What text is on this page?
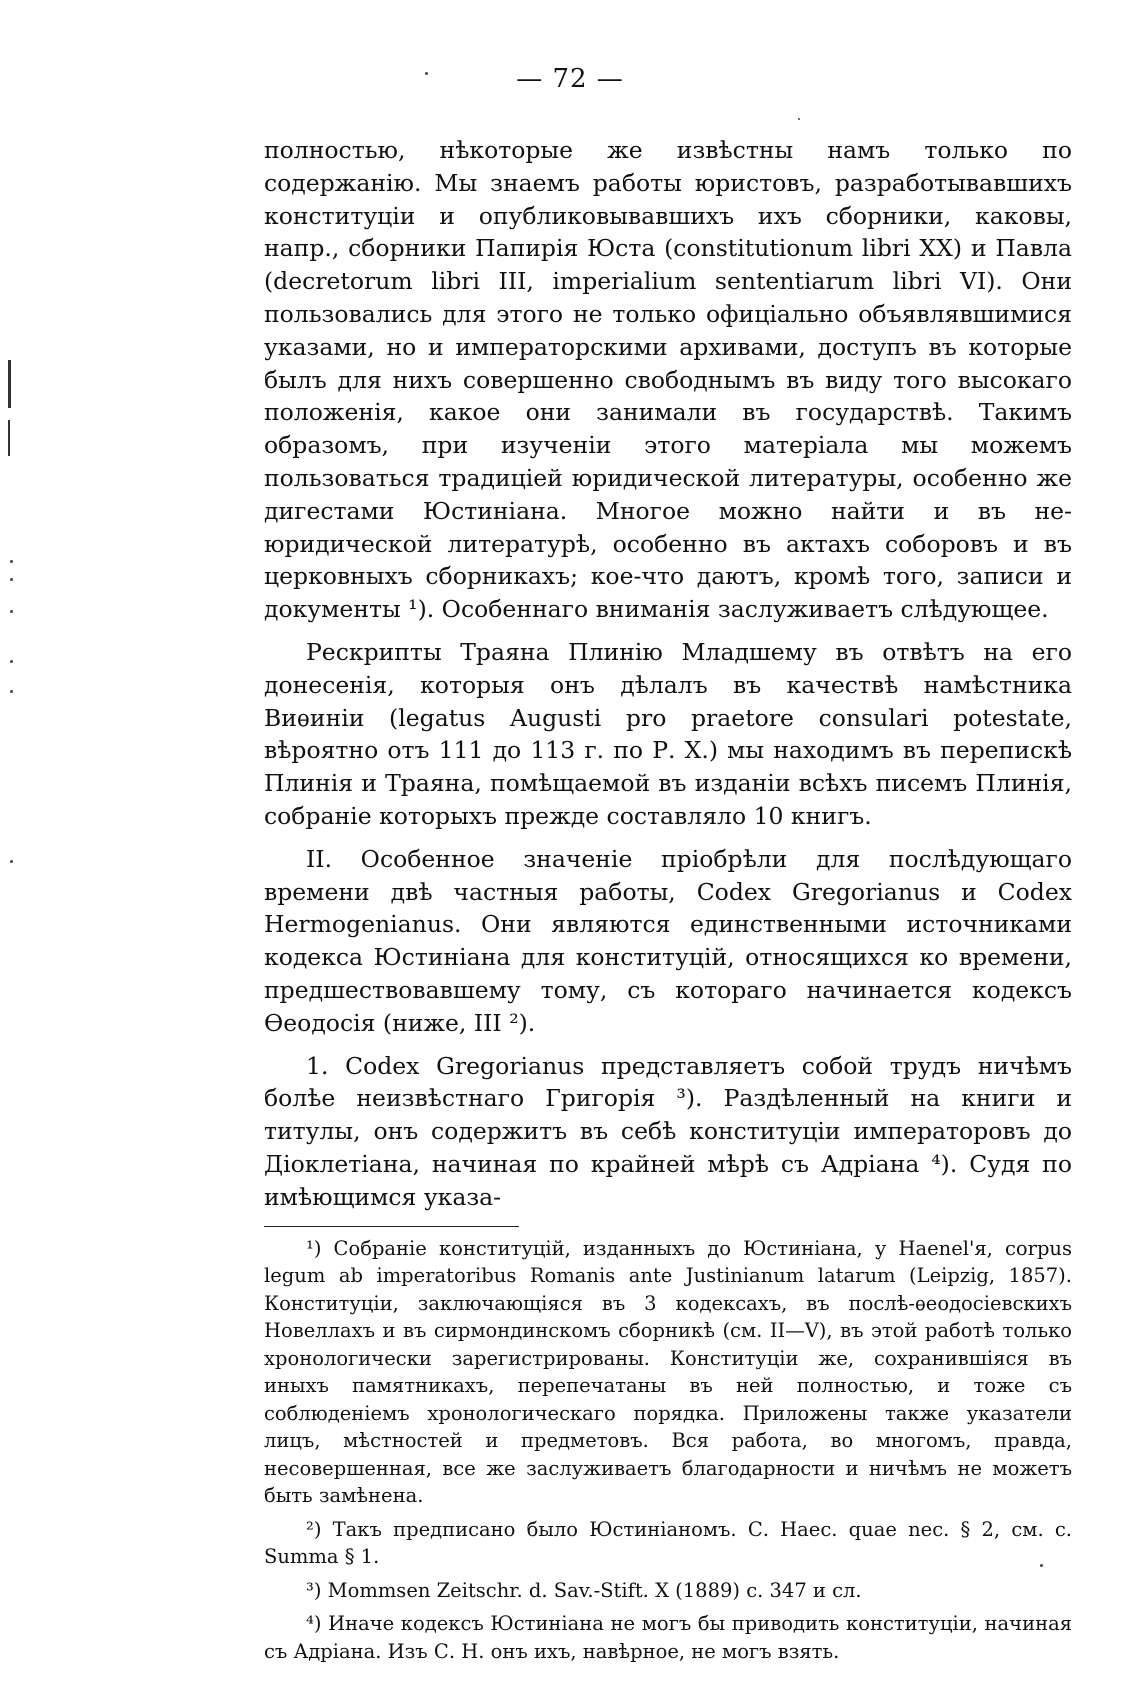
— 72 —

полностью, нѣкоторые же извѣстны намъ только по содержанію. Мы знаемъ работы юристовъ, разработывавшихъ конституціи и опубликовывавшихъ ихъ сборники, каковы, напр., сборники Папирія Юста (constitutionum libri XX) и Павла (decretorum libri III, imperialium sententiarum libri VI). Они пользовались для этого не только офиціально объявлявшимися указами, но и императорскими архивами, доступъ въ которые былъ для нихъ совершенно свободнымъ въ виду того высокаго положенія, какое они занимали въ государствѣ. Такимъ образомъ, при изученіи этого матеріала мы можемъ пользоваться традиціей юридической литературы, особенно же дигестами Юстиніана. Многое можно найти и въ не-юридической литературѣ, особенно въ актахъ соборовъ и въ церковныхъ сборникахъ; кое-что даютъ, кромѣ того, записи и документы ¹). Особеннаго вниманія заслуживаетъ слѣдующее.

Рескрипты Траяна Плинію Младшему въ отвѣтъ на его донесенія, которыя онъ дѣлалъ въ качествѣ намѣстника Виѳиніи (legatus Augusti pro praetore consulari potestate, вѣроятно отъ 111 до 113 г. по Р. Х.) мы находимъ въ перепискѣ Плинія и Траяна, помѣщаемой въ изданіи всѣхъ писемъ Плинія, собраніе которыхъ прежде составляло 10 книгъ.

II. Особенное значеніе пріобрѣли для послѣдующаго времени двѣ частныя работы, Codex Gregorianus и Codex Hermogenianus. Они являются единственными источниками кодекса Юстиніана для конституцій, относящихся ко времени, предшествовавшему тому, съ котораго начинается кодексъ Ѳеодосія (ниже, III ²).

1. Codex Gregorianus представляетъ собой трудъ ничѣмъ болѣе неизвѣстнаго Григорія ³). Раздѣленный на книги и титулы, онъ содержитъ въ себѣ конституціи императоровъ до Діоклетіана, начиная по крайней мѣрѣ съ Адріана ⁴). Судя по имѣющимся указа-

¹) Собраніе конституцій, изданныхъ до Юстиніана, у Haenel'я, corpus legum ab imperatoribus Romanis ante Justinianum latarum (Leipzig, 1857). Конституціи, заключающіяся въ 3 кодексахъ, въ послѣ-ѳеодосіевскихъ Новеллахъ и въ сирмондинскомъ сборникѣ (см. II—V), въ этой работѣ только хронологически зарегистрированы. Конституціи же, сохранившіяся въ иныхъ памятникахъ, перепечатаны въ ней полностью, и тоже съ соблюденіемъ хронологическаго порядка. Приложены также указатели лицъ, мѣстностей и предметовъ. Вся работа, во многомъ, правда, несовершенная, все же заслуживаетъ благодарности и ничѣмъ не можетъ быть замѣнена.

²) Такъ предписано было Юстиніаномъ. С. Haec. quae nec. § 2, см. с. Summa § 1.

³) Mommsen Zeitschr. d. Sav.-Stift. X (1889) c. 347 и сл.

⁴) Иначе кодексъ Юстиніана не могъ бы приводить конституціи, начиная съ Адріана. Изъ С. Н. онъ ихъ, навѣрное, не могъ взять.
